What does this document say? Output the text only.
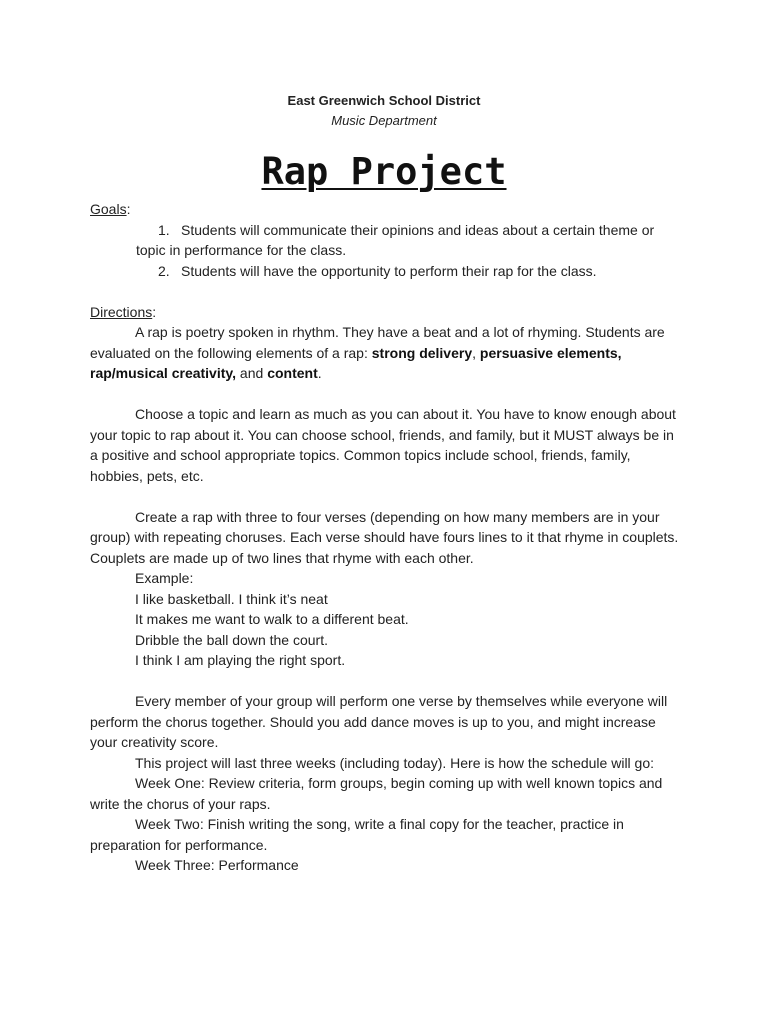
East Greenwich School District
Music Department
Rap Project

Goals:

1. Students will communicate their opinions and ideas about a certain theme or topic in performance for the class.

2. Students will have the opportunity to perform their rap for the class.

Directions:

A rap is poetry spoken in rhythm. They have a beat and a lot of rhyming. Students are evaluated on the following elements of a rap: strong delivery, persuasive elements, rap/musical creativity, and content.

Choose a topic and learn as much as you can about it. You have to know enough about your topic to rap about it. You can choose school, friends, and family, but it MUST always be in a positive and school appropriate topics. Common topics include school, friends, family, hobbies, pets, etc.

Create a rap with three to four verses (depending on how many members are in your group) with repeating choruses. Each verse should have fours lines to it that rhyme in couplets. Couplets are made up of two lines that rhyme with each other.

Example:

I like basketball. I think it’s neat

It makes me want to walk to a different beat.

Dribble the ball down the court.

I think I am playing the right sport.

Every member of your group will perform one verse by themselves while everyone will perform the chorus together. Should you add dance moves is up to you, and might increase your creativity score.

This project will last three weeks (including today). Here is how the schedule will go:

Week One: Review criteria, form groups, begin coming up with well known topics and write the chorus of your raps.

Week Two: Finish writing the song, write a final copy for the teacher, practice in preparation for performance.

Week Three: Performance
